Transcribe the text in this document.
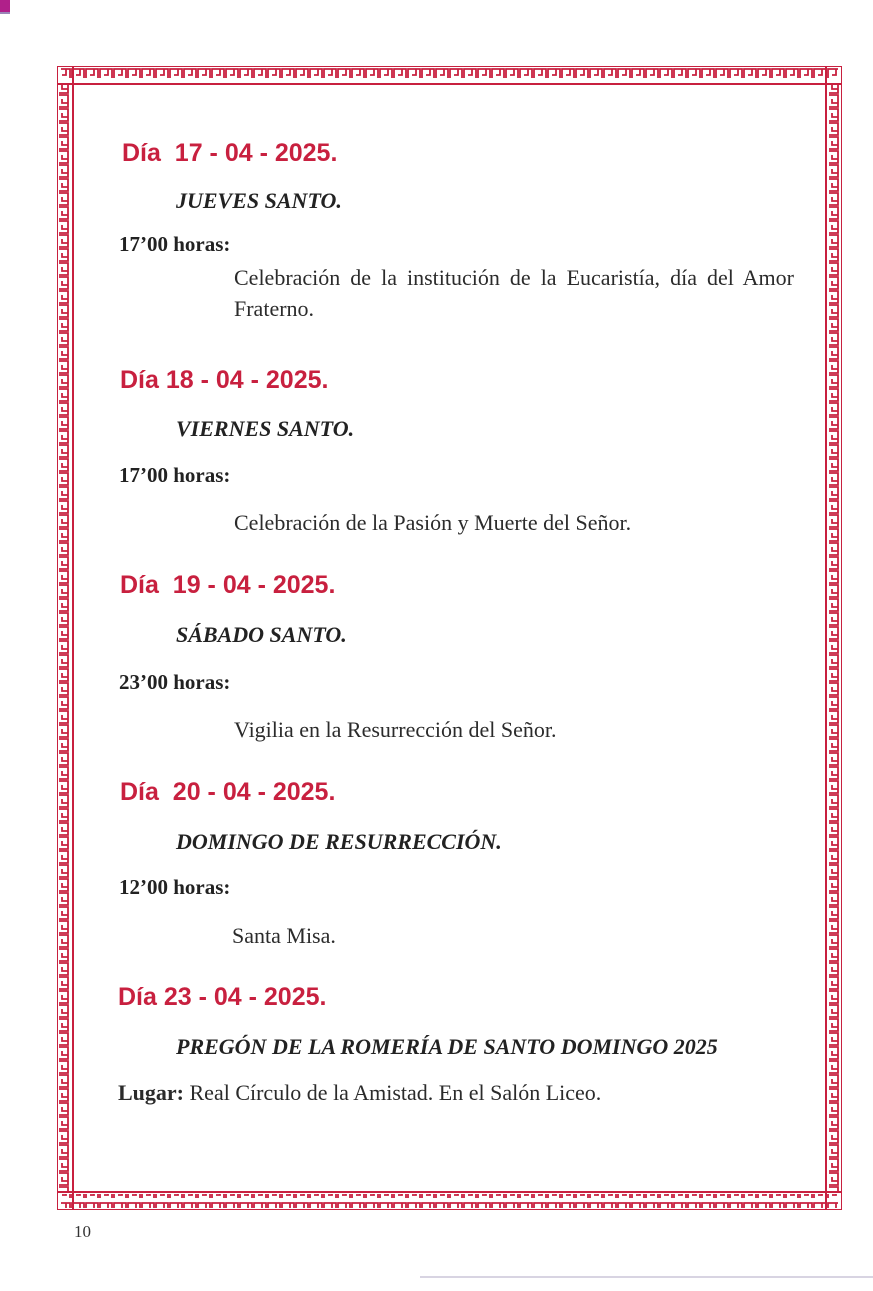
Día  17 - 04 - 2025.
JUEVES SANTO.
17’00 horas:
Celebración de la institución de la Eucaristía, día del Amor Fraterno.
Día 18 - 04 - 2025.
VIERNES SANTO.
17’00 horas:
Celebración de la Pasión y Muerte del Señor.
Día  19 - 04 - 2025.
SÁBADO SANTO.
23’00 horas:
Vigilia en la Resurrección del Señor.
Día  20 - 04 - 2025.
DOMINGO DE RESURRECCIÓN.
12’00 horas:
Santa Misa.
Día 23 - 04 - 2025.
PREGÓN DE LA ROMERÍA DE SANTO DOMINGO 2025
Lugar: Real Círculo de la Amistad. En el Salón Liceo.
10
